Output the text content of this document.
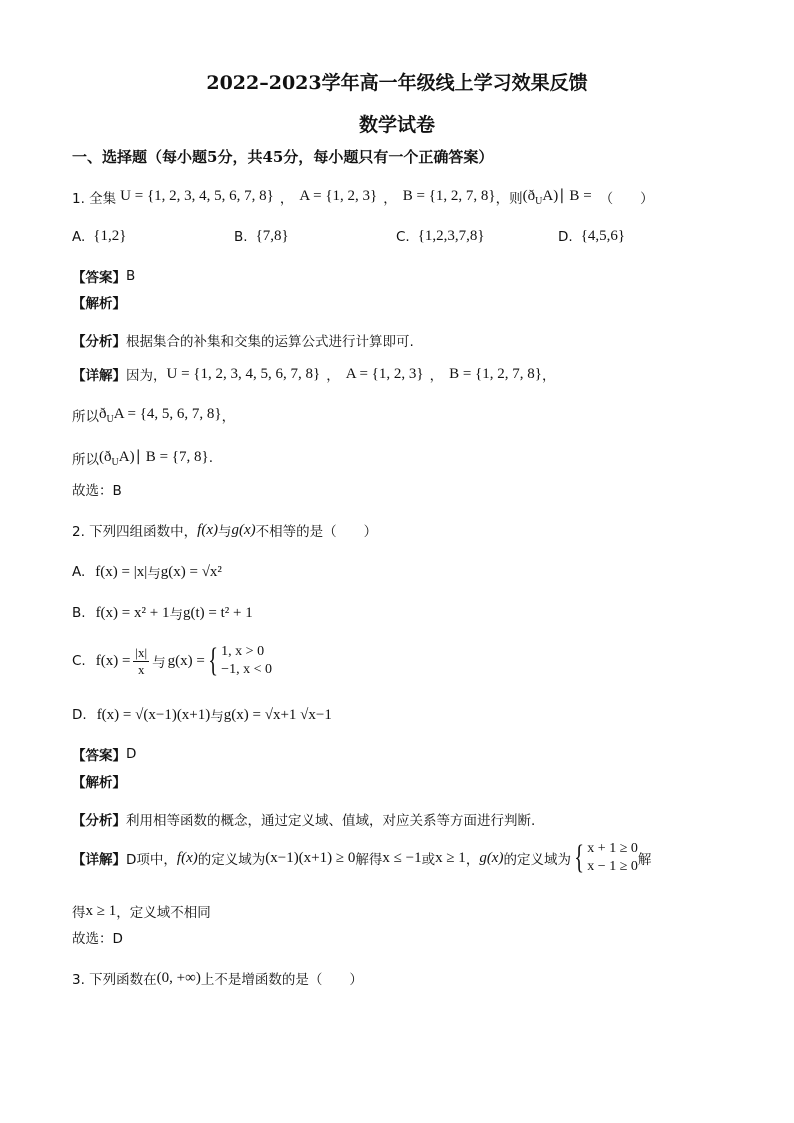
2022–2023学年高一年级线上学习效果反馈
数学试卷
一、选择题（每小题5分，共45分，每小题只有一个正确答案）
1. 全集 U = {1, 2, 3, 4, 5, 6, 7, 8} ， A = {1, 2, 3} ， B = {1, 2, 7, 8} ，则 $(ð_UA)∣$ B = （　　）
A. {1,2}	B. {7,8}	C. {1,2,3,7,8}	D. {4,5,6}
【答案】 B
【解析】
【分析】 根据集合的补集和交集的运算公式进行计算即可.
【详解】 因为， U = {1, 2, 3, 4, 5, 6, 7, 8} ， A = {1, 2, 3} ， B = {1, 2, 7, 8} ，
所以 $ð_UA = \{4$, 5, 6, 7, 8} ，
所以 $(ð_UA)∣$ B = {7, 8} .
故选：B
2. 下列四组函数中， f(x) 与 g(x) 不相等的是（　　）
A. f(x) = |x| 与 g(x) = √x²
B. f(x) = x² + 1 与 g(t) = t² + 1
C. $f(x) = \frac{|x|}{x}$ 与 g(x) = { 1, x > 0
−1, x < 0
D. f(x) = √(x−1)(x+1) 与 g(x) = √x+1 √x−1
【答案】 D
【解析】
【分析】 利用相等函数的概念，通过定义域、值域，对应关系等方面进行判断.
【详解】 D项中， f(x) 的定义域为 (x−1)(x+1) ≥ 0 解得 x ≤ −1 或 x ≥ 1 ， g(x) 的定义域为 { x + 1 ≥ 0
x − 1 ≥ 0 解
得 x ≥ 1 ，定义域不相同
故选：D
3. 下列函数在 (0, +∞) 上不是增函数的是（　　）
